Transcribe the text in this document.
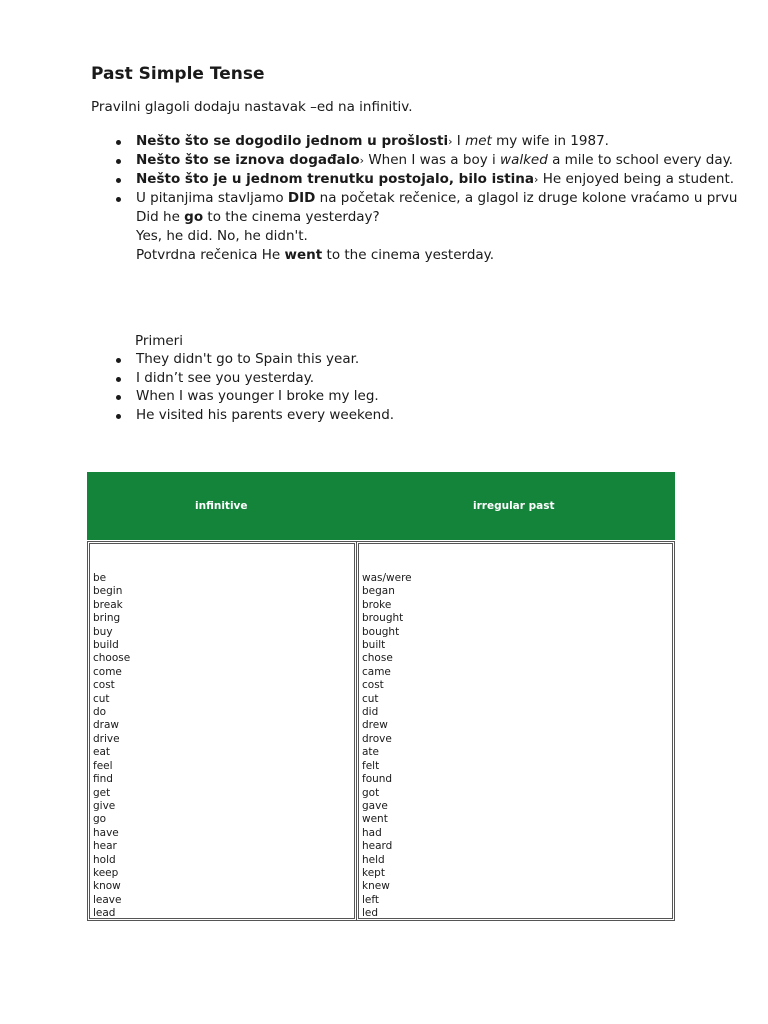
Past Simple Tense

Pravilni glagoli dodaju nastavak –ed na infinitiv.

Nešto što se dogodilo jednom u prošlosti› I met my wife in 1987.
Nešto što se iznova događalo› When I was a boy i walked a mile to school every day.
Nešto što je u jednom trenutku postojalo, bilo istina› He enjoyed being a student.
U pitanjima stavljamo DID na početak rečenice, a glagol iz druge kolone vraćamo u prvu
Did he go to the cinema yesterday?
Yes, he did. No, he didn't.
Potvrdna rečenica He went to the cinema yesterday.

Primeri

They didn't go to Spain this year.
I didn’t see you yesterday.
When I was younger I broke my leg.
He visited his parents every weekend.
infinitive	irregular past
be
begin
break
bring
buy
build
choose
come
cost
cut
do
draw
drive
eat
feel
find
get
give
go
have
hear
hold
keep
know
leave
lead
was/were
began
broke
brought
bought
built
chose
came
cost
cut
did
drew
drove
ate
felt
found
got
gave
went
had
heard
held
kept
knew
left
led
